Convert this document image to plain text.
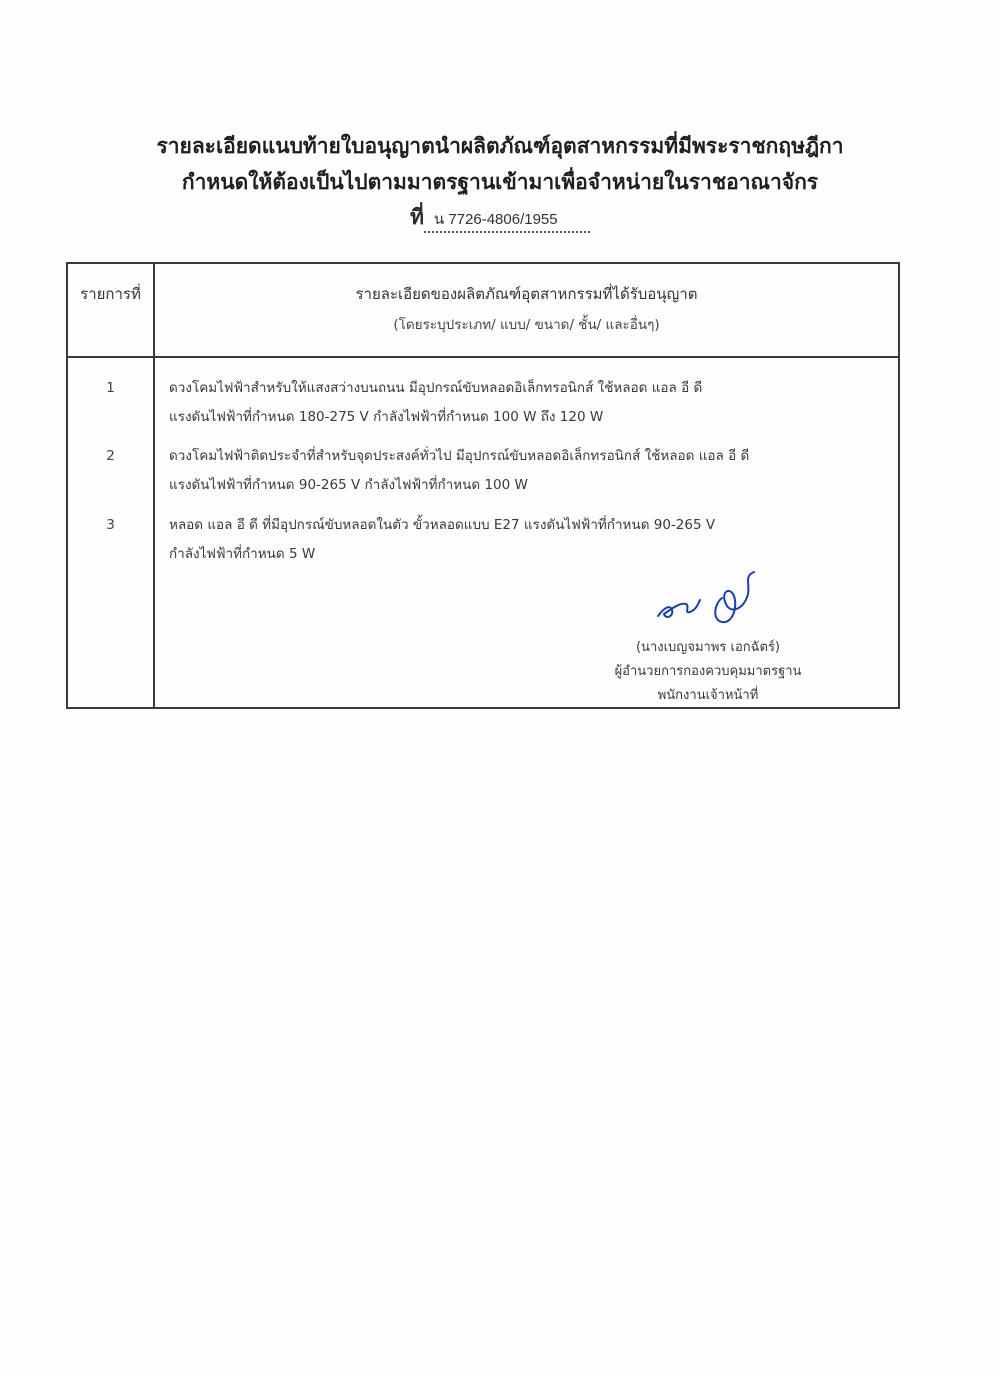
รายละเอียดแนบท้ายใบอนุญาตนำผลิตภัณฑ์อุตสาหกรรมที่มีพระราชกฤษฎีกา
กำหนดให้ต้องเป็นไปตามมาตรฐานเข้ามาเพื่อจำหน่ายในราชอาณาจักร
ที่ น 7726-4806/1955
รายการที่	รายละเอียดของผลิตภัณฑ์อุตสาหกรรมที่ได้รับอนุญาต
(โดยระบุประเภท/ แบบ/ ขนาด/ ชั้น/ และอื่นๆ)
1	ดวงโคมไฟฟ้าสำหรับให้แสงสว่างบนถนน มีอุปกรณ์ขับหลอดอิเล็กทรอนิกส์ ใช้หลอด แอล อี ดี
แรงดันไฟฟ้าที่กำหนด 180-275 V กำลังไฟฟ้าที่กำหนด 100 W ถึง 120 W
2	ดวงโคมไฟฟ้าติดประจำที่สำหรับจุดประสงค์ทั่วไป มีอุปกรณ์ขับหลอดอิเล็กทรอนิกส์ ใช้หลอด แอล อี ดี
แรงดันไฟฟ้าที่กำหนด 90-265 V กำลังไฟฟ้าที่กำหนด 100 W
3	หลอด แอล อี ดี ที่มีอุปกรณ์ขับหลอดในตัว ขั้วหลอดแบบ E27 แรงดันไฟฟ้าที่กำหนด 90-265 V
กำลังไฟฟ้าที่กำหนด 5 W
(นางเบญจมาพร เอกฉัตร์)
ผู้อำนวยการกองควบคุมมาตรฐาน
พนักงานเจ้าหน้าที่
